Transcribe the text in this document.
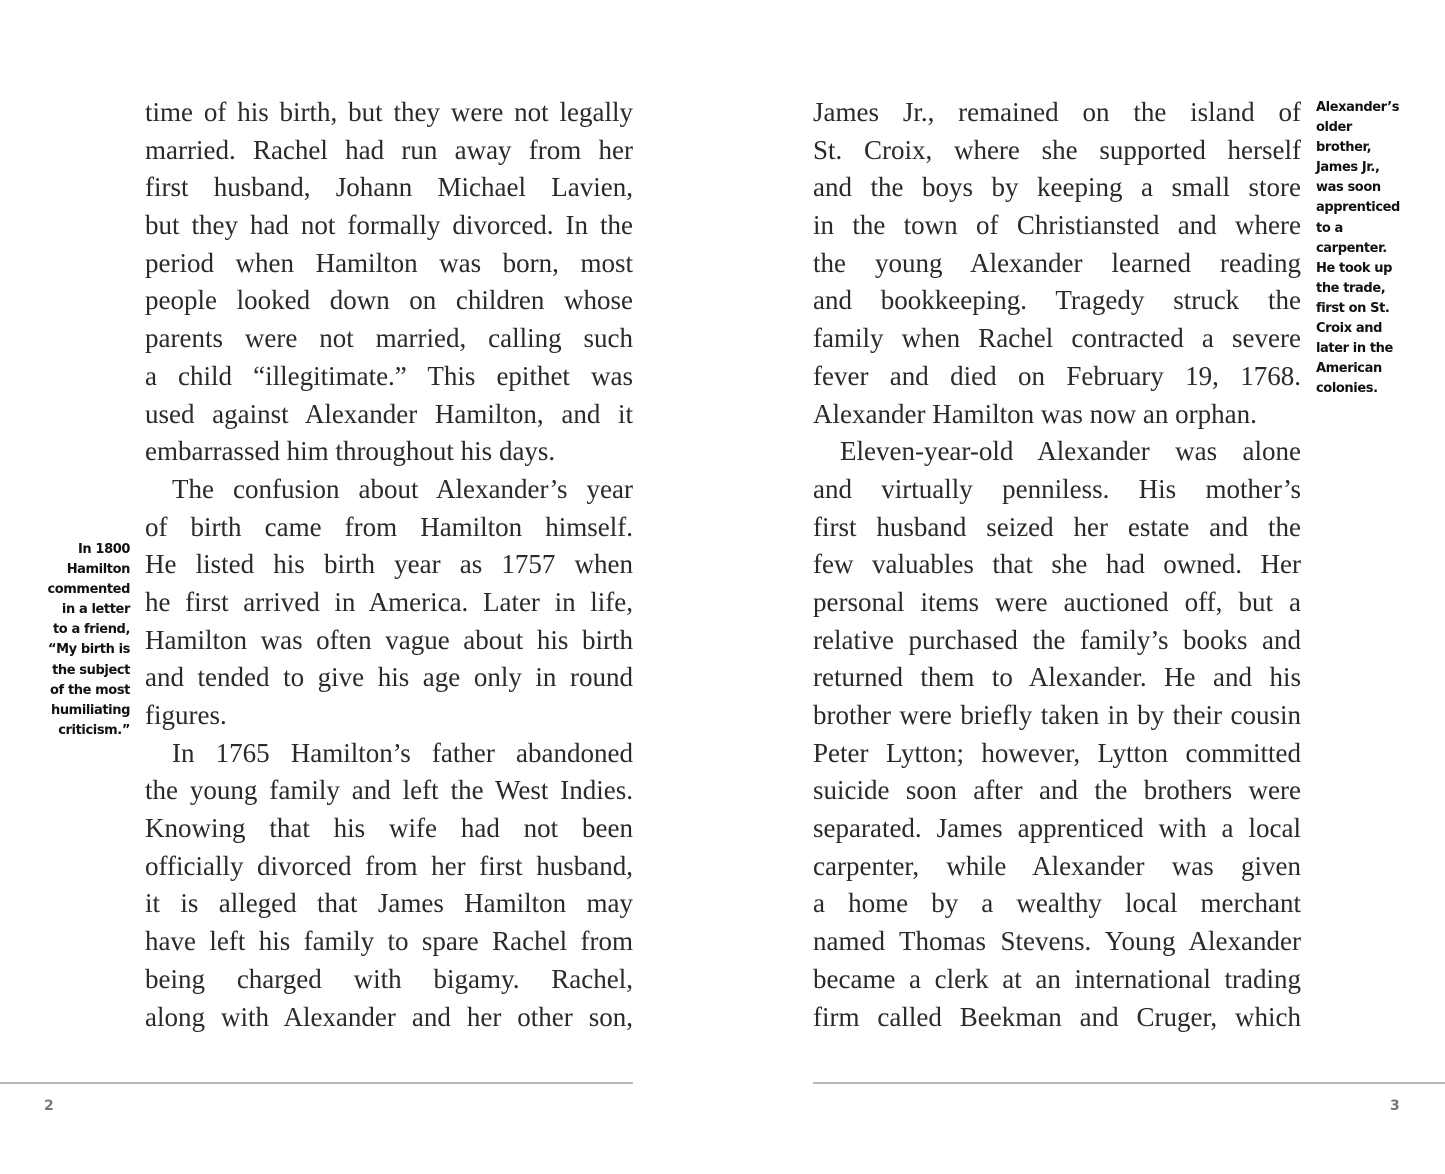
time of his birth, but they were not legally
married. Rachel had run away from her
first husband, Johann Michael Lavien,
but they had not formally divorced. In the
period when Hamilton was born, most
people looked down on children whose
parents were not married, calling such
a child “illegitimate.” This epithet was
used against Alexander Hamilton, and it
embarrassed him throughout his days.
The confusion about Alexander’s year
of birth came from Hamilton himself.
He listed his birth year as 1757 when
he first arrived in America. Later in life,
Hamilton was often vague about his birth
and tended to give his age only in round
figures.
In 1765 Hamilton’s father abandoned
the young family and left the West Indies.
Knowing that his wife had not been
officially divorced from her first husband,
it is alleged that James Hamilton may
have left his family to spare Rachel from
being charged with bigamy. Rachel,
along with Alexander and her other son,
James Jr., remained on the island of
St. Croix, where she supported herself
and the boys by keeping a small store
in the town of Christiansted and where
the young Alexander learned reading
and bookkeeping. Tragedy struck the
family when Rachel contracted a severe
fever and died on February 19, 1768.
Alexander Hamilton was now an orphan.
Eleven-year-old Alexander was alone
and virtually penniless. His mother’s
first husband seized her estate and the
few valuables that she had owned. Her
personal items were auctioned off, but a
relative purchased the family’s books and
returned them to Alexander. He and his
brother were briefly taken in by their cousin
Peter Lytton; however, Lytton committed
suicide soon after and the brothers were
separated. James apprenticed with a local
carpenter, while Alexander was given
a home by a wealthy local merchant
named Thomas Stevens. Young Alexander
became a clerk at an international trading
firm called Beekman and Cruger, which
In 1800
Hamilton
commented
in a letter
to a friend,
“My birth is
the subject
of the most
humiliating
criticism.”
Alexander’s
older
brother,
James Jr.,
was soon
apprenticed
to a
carpenter.
He took up
the trade,
first on St.
Croix and
later in the
American
colonies.
2	3
